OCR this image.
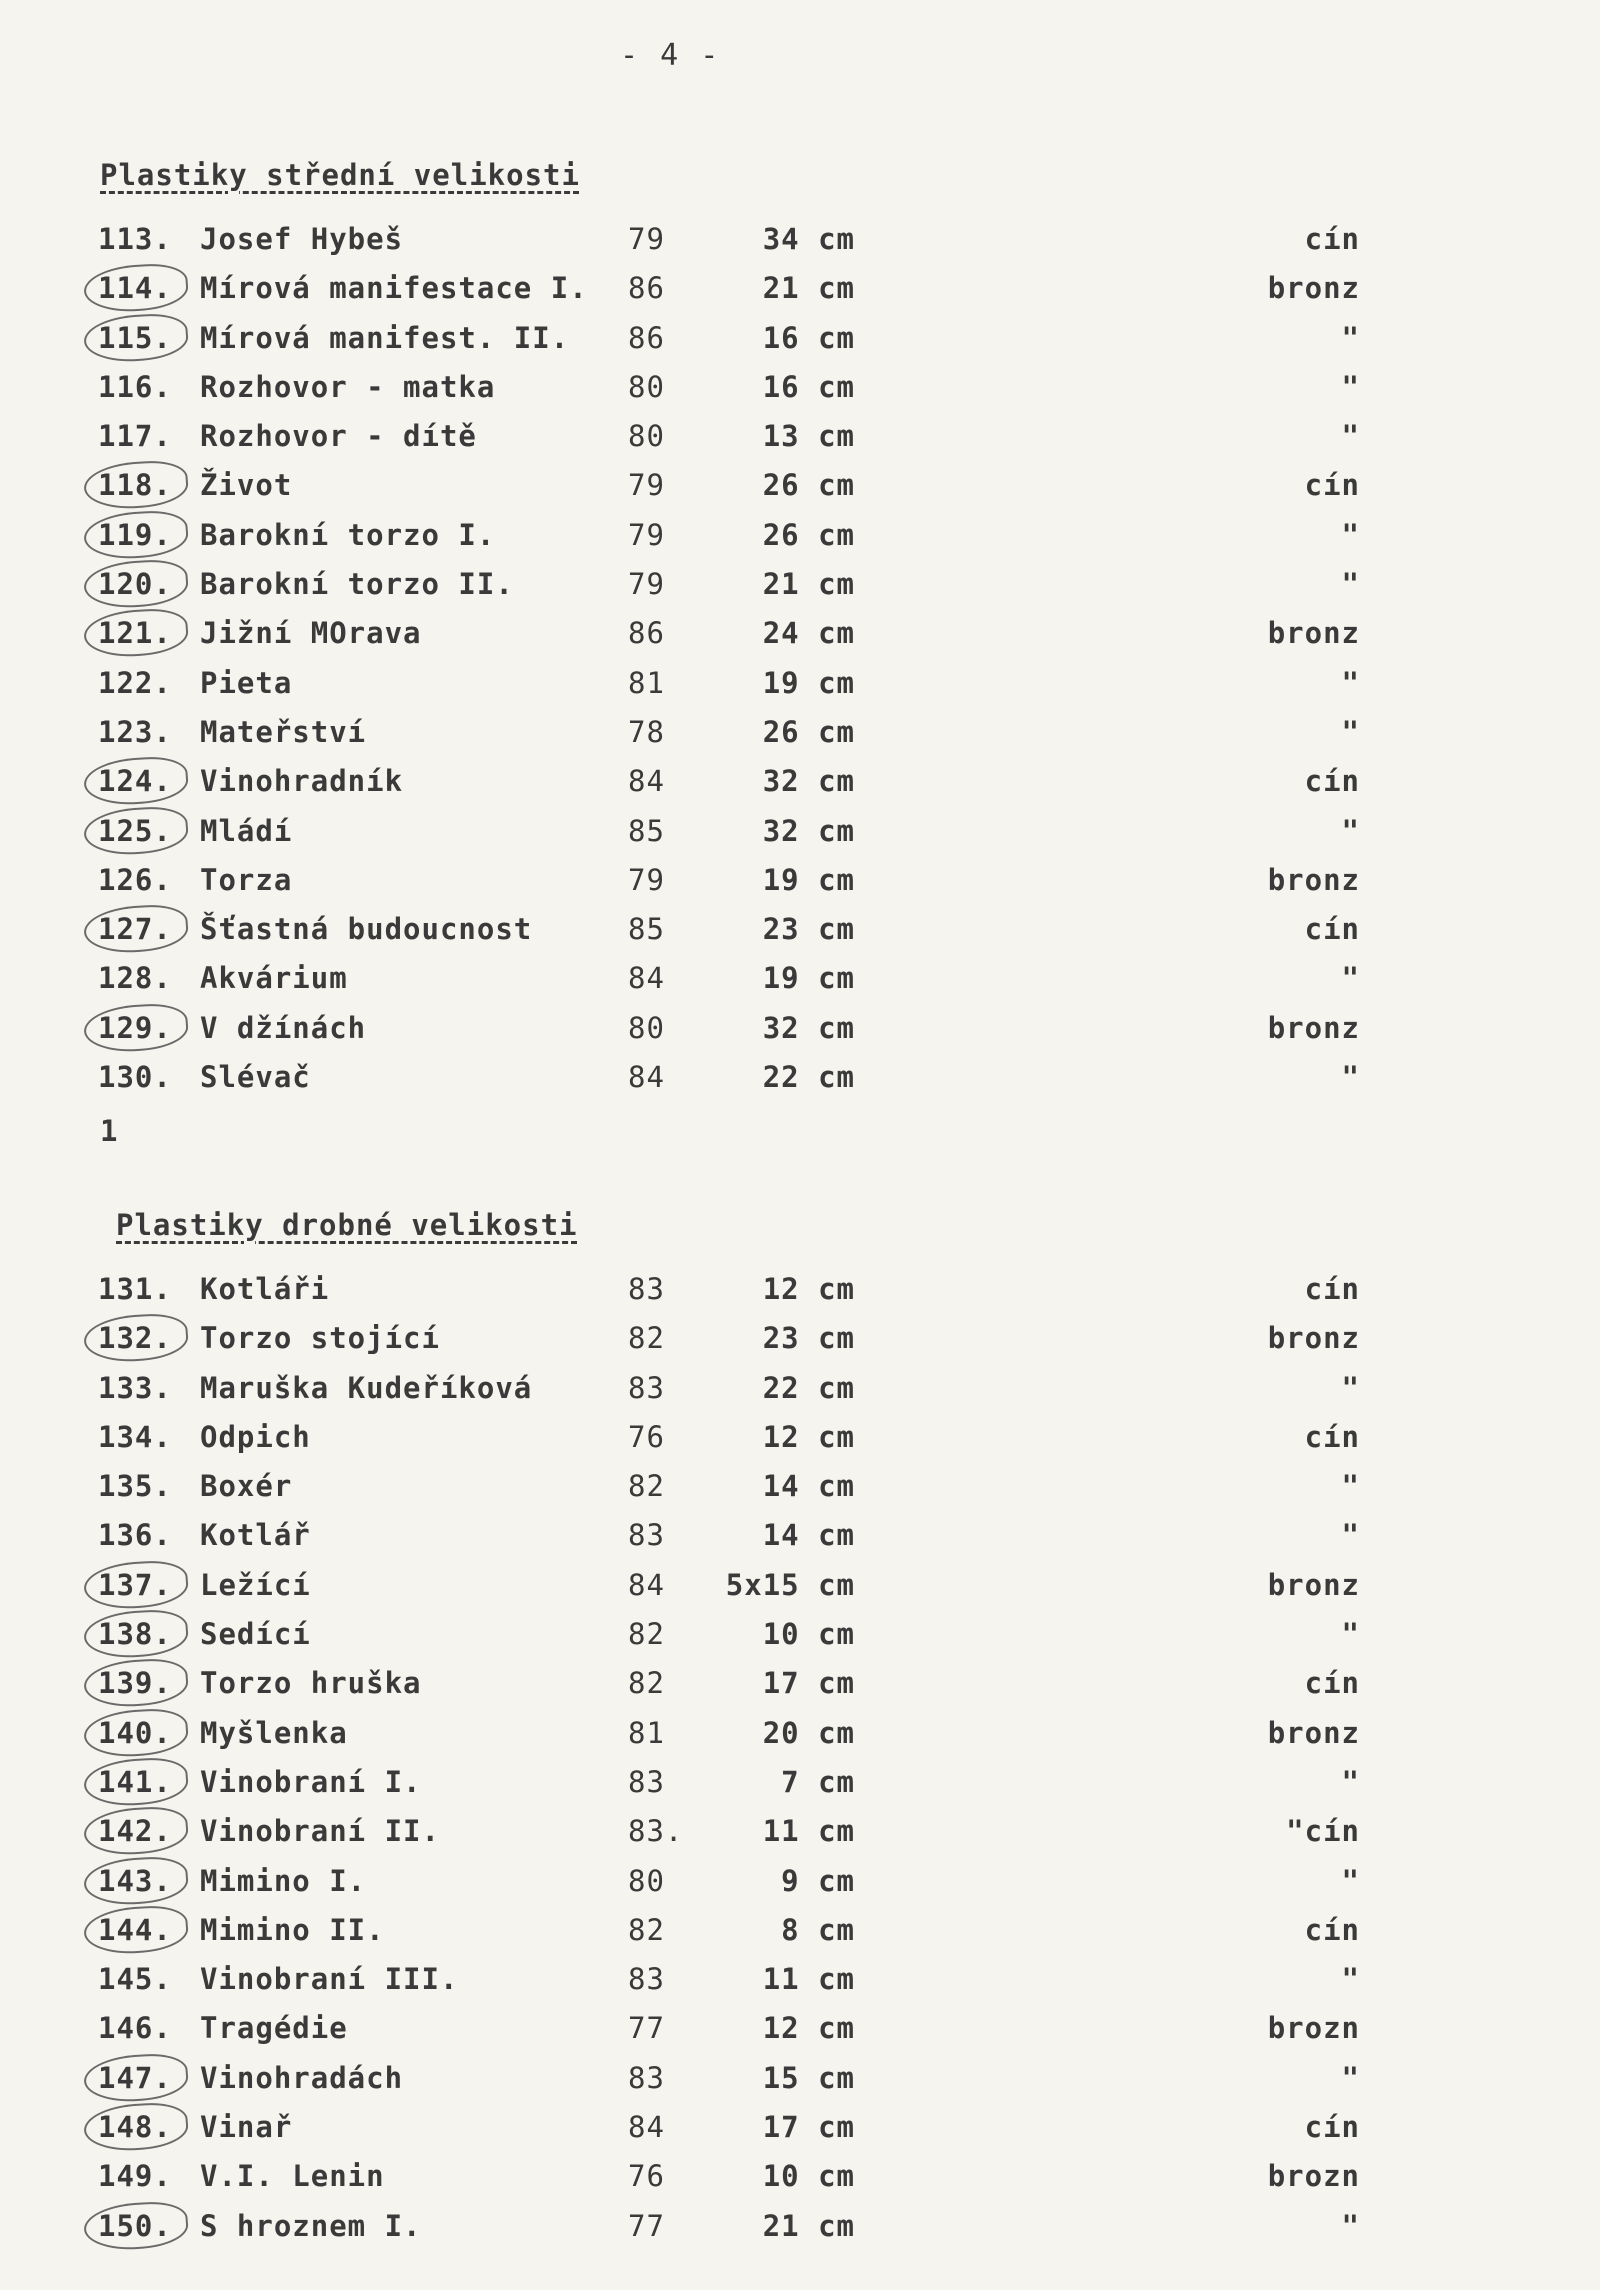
- 4 -
Plastiky střední velikosti
113. Josef Hybeš	79	34 cm	cín
114. Mírová manifestace I. 86	21 cm	bronz
115. Mírová manifest. II. 86	16 cm	"
116. Rozhovor - matka	80	16 cm	"
117. Rozhovor - dítě	80	13 cm	"
118. Život	79	26 cm	cín
119. Barokní torzo I.	79	26 cm	"
120. Barokní torzo II.	79	21 cm	"
121. Jižní MOrava	86	24 cm	bronz
122. Pieta	81	19 cm	"
123. Mateřství	78	26 cm	"
124. Vinohradník	84	32 cm	cín
125. Mládí	85	32 cm	"
126. Torza	79	19 cm	bronz
127. Šťastná budoucnost	85	23 cm	cín
128. Akvárium	84	19 cm	"
129. V džínách	80	32 cm	bronz
130. Slévač	84	22 cm	"
1
Plastiky drobné velikosti
131. Kotláři	83	12 cm	cín
132. Torzo stojící	82	23 cm	bronz
133. Maruška Kudeříková	83	22 cm	"
134. Odpich	76	12 cm	cín
135. Boxér	82	14 cm	"
136. Kotlář	83	14 cm	"
137. Ležící	84	5x15 cm	bronz
138. Sedící	82	10 cm	"
139. Torzo hruška	82	17 cm	cín
140. Myšlenka	81	20 cm	bronz
141. Vinobraní I.	83	7 cm	"
142. Vinobraní II.	83.	11 cm	"cín
143. Mimino I.	80	9 cm	"
144. Mimino II.	82	8 cm	cín
145. Vinobraní III.	83	11 cm	"
146. Tragédie	77	12 cm	brozn
147. Vinohradách	83	15 cm	"
148. Vinař	84	17 cm	cín
149. V.I. Lenin	76	10 cm	brozn
150. S hroznem I.	77	21 cm	"
